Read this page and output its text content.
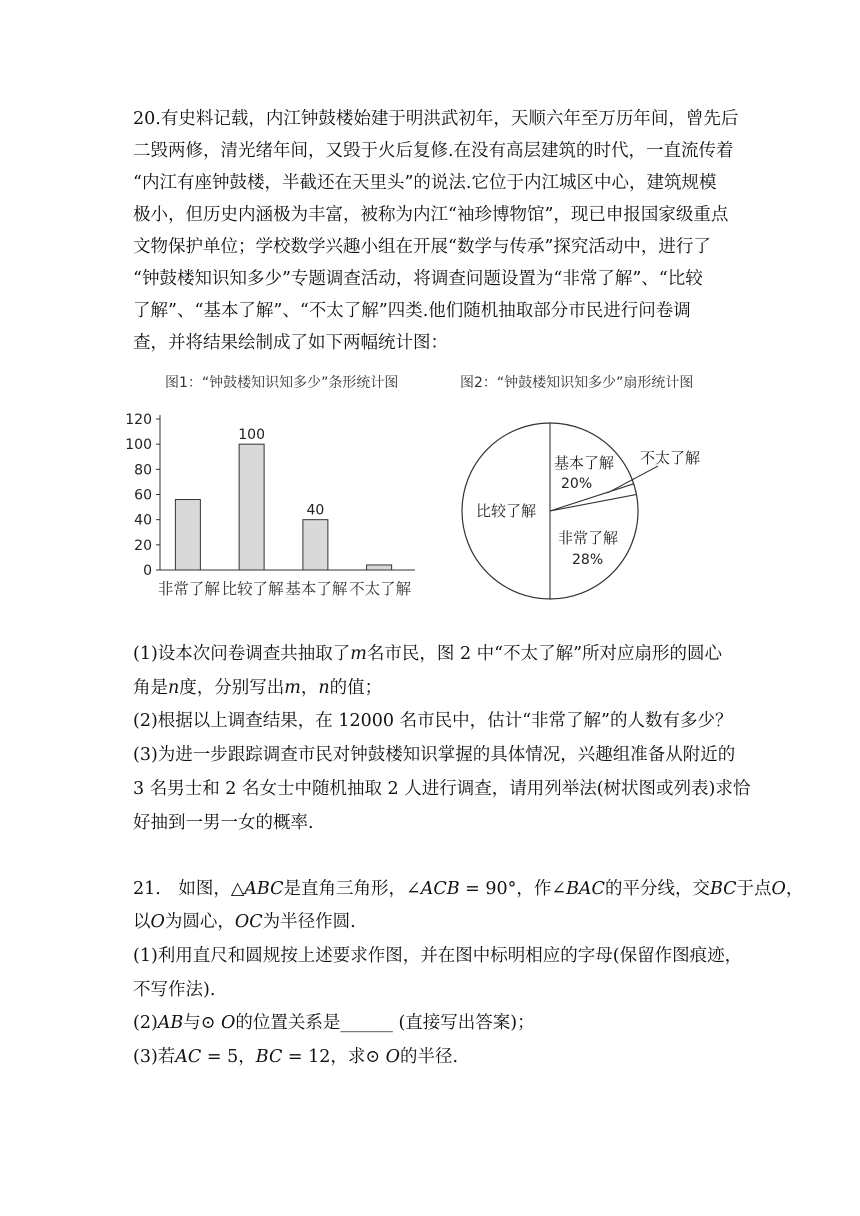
20.有史料记载，内江钟鼓楼始建于明洪武初年，天顺六年至万历年间，曾先后
二毁两修，清光绪年间，又毁于火后复修.在没有高层建筑的时代，一直流传着
“内江有座钟鼓楼，半截还在天里头”的说法.它位于内江城区中心，建筑规模
极小，但历史内涵极为丰富，被称为内江“袖珍博物馆”，现已申报国家级重点
文物保护单位；学校数学兴趣小组在开展“数学与传承”探究活动中，进行了
“钟鼓楼知识知多少”专题调查活动，将调查问题设置为“非常了解”、“比较
了解”、“基本了解”、“不太了解”四类.他们随机抽取部分市民进行问卷调
查，并将结果绘制成了如下两幅统计图：
图1：“钟鼓楼知识知多少”条形统计图	图2：“钟鼓楼知识知多少”扇形统计图
0
20
40
60
80
100
120
非常了解
100
比较了解
40
基本了解 不太了解
基本了解
20%
非常了解
28%
比较了解
不太了解
(1)设本次问卷调查共抽取了m名市民，图 2 中“不太了解”所对应扇形的圆心
角是n度，分别写出m，n的值；
(2)根据以上调查结果，在 12000 名市民中，估计“非常了解”的人数有多少？
(3)为进一步跟踪调查市民对钟鼓楼知识掌握的具体情况，兴趣组准备从附近的
3 名男士和 2 名女士中随机抽取 2 人进行调查，请用列举法(树状图或列表)求恰
好抽到一男一女的概率.
21.　如图，△ABC是直角三角形，∠ACB = 90°，作∠BAC的平分线，交BC于点O，
以O为圆心，OC为半径作圆.
(1)利用直尺和圆规按上述要求作图，并在图中标明相应的字母(保留作图痕迹，
不写作法).
(2)AB与⊙ O的位置关系是______ (直接写出答案)；
(3)若AC = 5，BC = 12，求⊙ O的半径.
